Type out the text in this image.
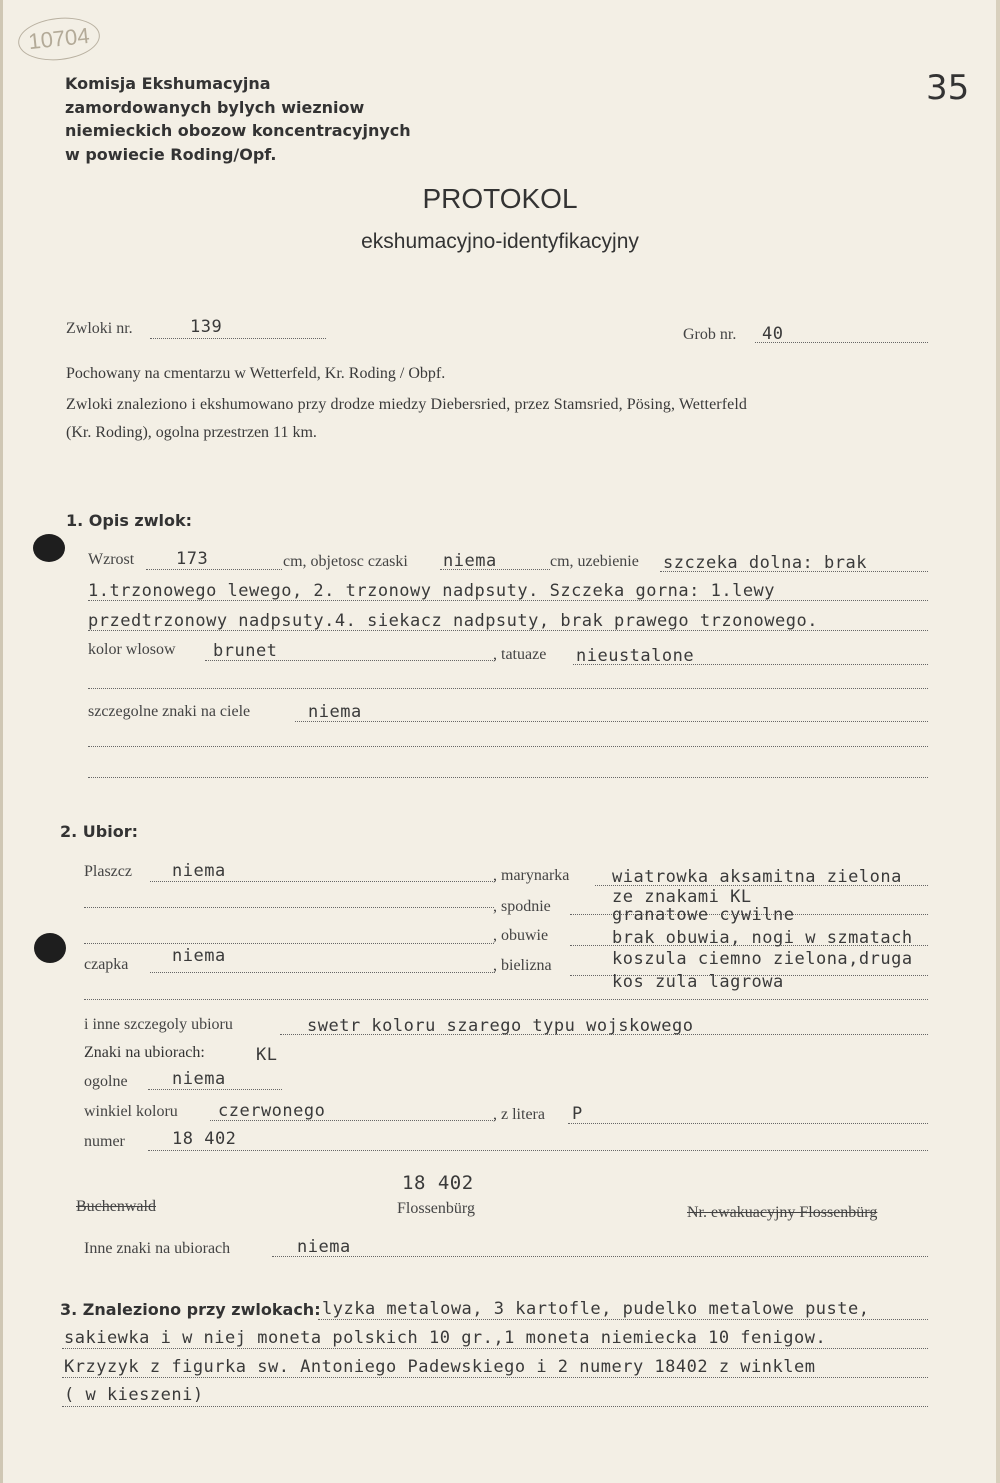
10704
Komisja Ekshumacyjna
zamordowanych bylych wiezniow
niemieckich obozow koncentracyjnych
w powiecie Roding/Opf.
35
PROTOKOL
ekshumacyjno-identyfikacyjny
Zwloki nr.	139	Grob nr. 40
Pochowany na cmentarzu w Wetterfeld, Kr. Roding / Obpf.
Zwloki znaleziono i ekshumowano przy drodze miedzy Diebersried, przez Stamsried, Pösing, Wetterfeld
(Kr. Roding), ogolna przestrzen 11 km.
1. Opis zwlok:
Wzrost 173	cm, objetosc czaski niema	cm, uzebienie szczeka dolna: brak
1.trzonowego lewego, 2. trzonowy nadpsuty. Szczeka gorna: 1.lewy
przedtrzonowy nadpsuty.4. siekacz nadpsuty, brak prawego trzonowego.
kolor wlosow brunet	, tatuaze nieustalone
szczegolne znaki na ciele	niema
2. Ubior:
Plaszcz niema	, marynarka	wiatrowka aksamitna zielona
ze znakami KL
, spodnie	granatowe cywilne
, obuwie	brak obuwia, nogi w szmatach
czapka	niema	, bielizna	koszula ciemno zielona,druga
kos zula lagrowa
i inne szczegoly ubioru	swetr koloru szarego typu wojskowego
Znaki na ubiorach:	KL
ogolne	niema
winkiel koloru czerwonego	, z litera P
numer	18 402
18 402
Flossenbürg
Buchenwald	Nr. ewakuacyjny Flossenbürg
Inne znaki na ubiorach	niema
3. Znaleziono przy zwlokach: lyzka metalowa, 3 kartofle, pudelko metalowe puste,
sakiewka i w niej moneta polskich 10 gr.,1 moneta niemiecka 10 fenigow.
Krzyzyk z figurka sw. Antoniego Padewskiego i 2 numery 18402 z winklem
( w kieszeni)
